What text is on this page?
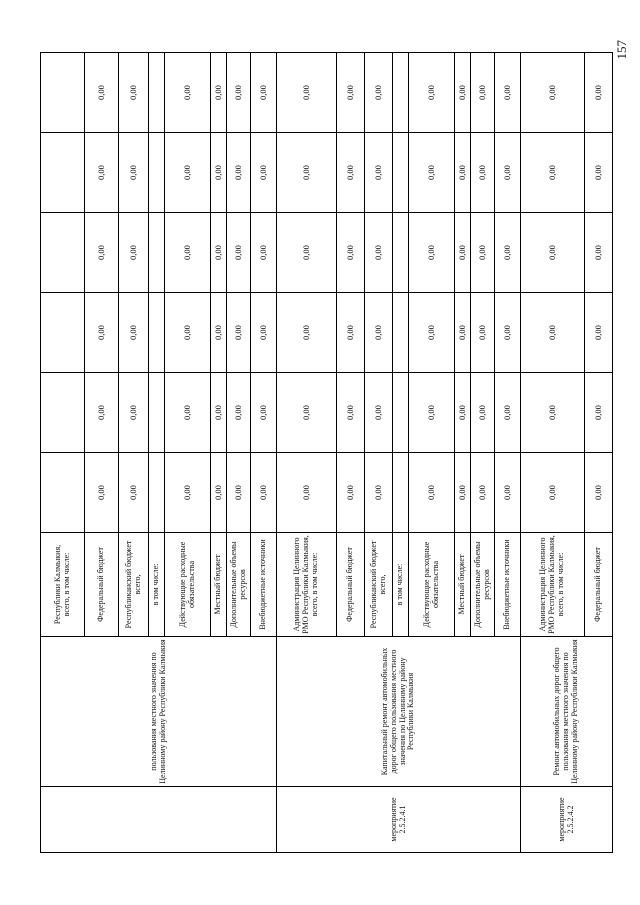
157
	пользования местного значения по Целинному району Республики Калмыкия	Республики Калмыкия, всего, в том числе:						
		Федеральный бюджет	0,00	0,00	0,00	0,00	0,00	0,00
		Республиканский бюджет всего,	0,00	0,00	0,00	0,00	0,00	0,00
		в том числе:						
		Действующие расходные обязательства	0,00	0,00	0,00	0,00	0,00	0,00
		Местный бюджет	0,00	0,00	0,00	0,00	0,00	0,00
		Дополнительные объемы ресурсов	0,00	0,00	0,00	0,00	0,00	0,00
		Внебюджетные источники	0,00	0,00	0,00	0,00	0,00	0,00
мероприятие 2.5.2.4.1	Капитальный ремонт автомобильных дорог общего пользования местного значения по Целинному району Республики Калмыкия	Администрация Целинного РМО Республики Калмыкия, всего, в том числе:	0,00	0,00	0,00	0,00	0,00	0,00
		Федеральный бюджет	0,00	0,00	0,00	0,00	0,00	0,00
		Республиканский бюджет всего,	0,00	0,00	0,00	0,00	0,00	0,00
		в том числе:						
		Действующие расходные обязательства	0,00	0,00	0,00	0,00	0,00	0,00
		Местный бюджет	0,00	0,00	0,00	0,00	0,00	0,00
		Дополнительные объемы ресурсов	0,00	0,00	0,00	0,00	0,00	0,00
		Внебюджетные источники	0,00	0,00	0,00	0,00	0,00	0,00
мероприятие 2.5.2.4.2	Ремонт автомобильных дорог общего пользования местного значения по Целинному району Республики Калмыкия	Администрация Целинного РМО Республики Калмыкия, всего, в том числе:	0,00	0,00	0,00	0,00	0,00	0,00
		Федеральный бюджет	0,00	0,00	0,00	0,00	0,00	0,00
